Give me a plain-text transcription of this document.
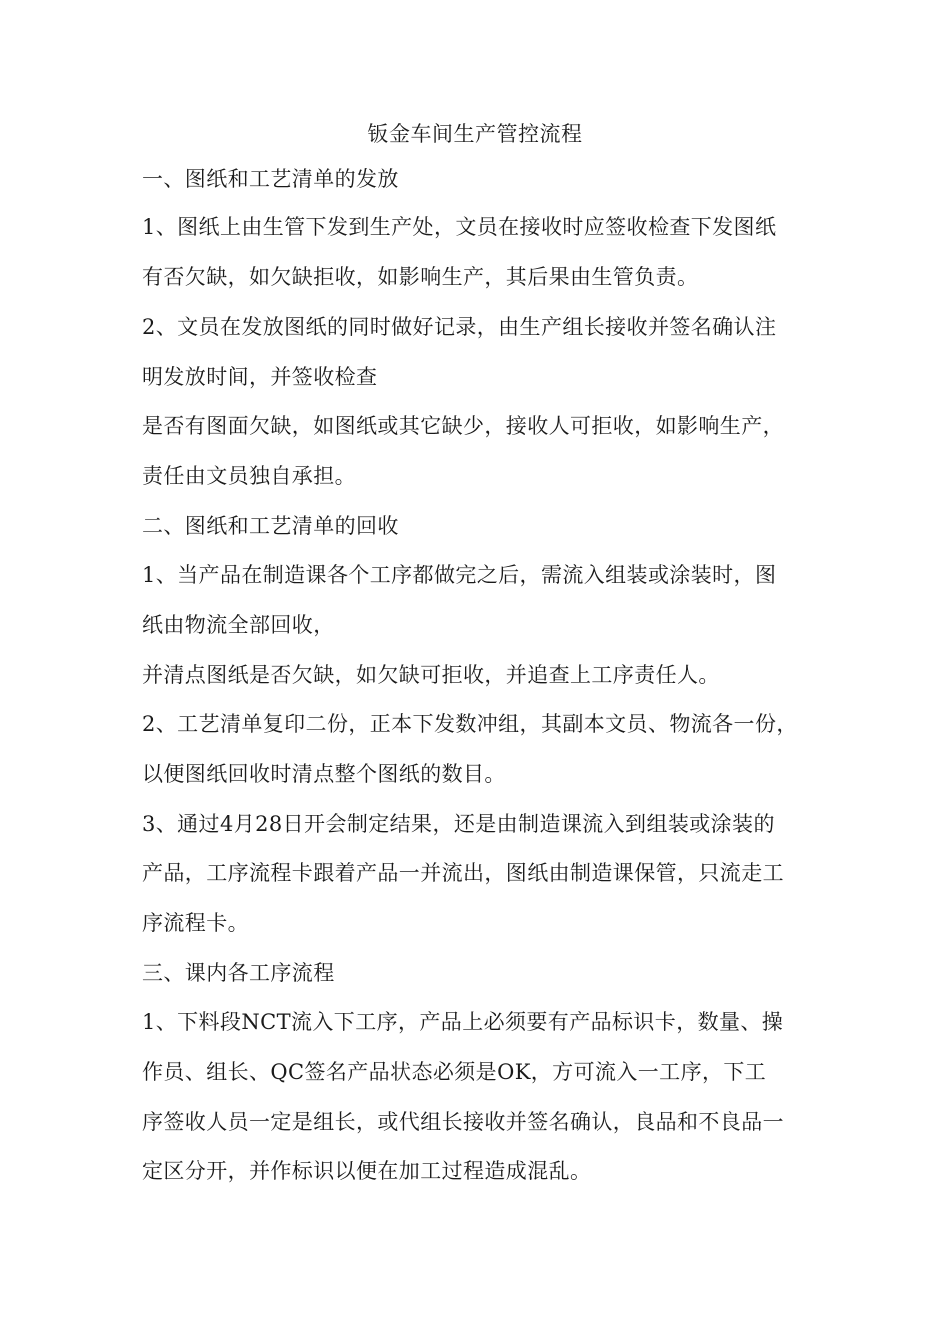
钣金车间生产管控流程
一、图纸和工艺清单的发放
1、图纸上由生管下发到生产处，文员在接收时应签收检查下发图纸
有否欠缺，如欠缺拒收，如影响生产，其后果由生管负责。
2、文员在发放图纸的同时做好记录，由生产组长接收并签名确认注
明发放时间，并签收检查
是否有图面欠缺，如图纸或其它缺少，接收人可拒收，如影响生产，
责任由文员独自承担。
二、图纸和工艺清单的回收
1、当产品在制造课各个工序都做完之后，需流入组装或涂装时，图
纸由物流全部回收，
并清点图纸是否欠缺，如欠缺可拒收，并追查上工序责任人。
2、工艺清单复印二份，正本下发数冲组，其副本文员、物流各一份，
以便图纸回收时清点整个图纸的数目。
3、通过4月28日开会制定结果，还是由制造课流入到组装或涂装的
产品，工序流程卡跟着产品一并流出，图纸由制造课保管，只流走工
序流程卡。
三、课内各工序流程
1、下料段NCT流入下工序，产品上必须要有产品标识卡，数量、操
作员、组长、QC签名产品状态必须是OK，方可流入一工序，下工
序签收人员一定是组长，或代组长接收并签名确认，良品和不良品一
定区分开，并作标识以便在加工过程造成混乱。
